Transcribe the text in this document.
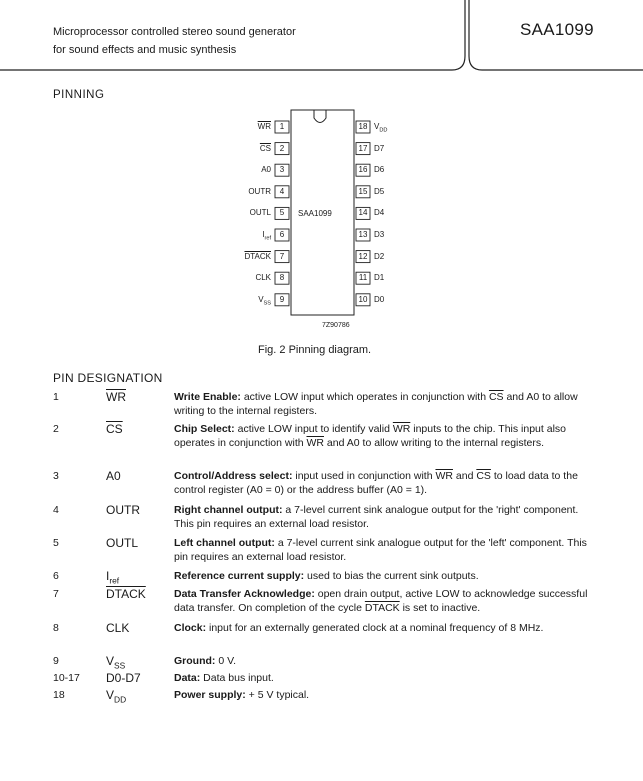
Microprocessor controlled stereo sound generator
for sound effects and music synthesis
SAA1099
PINNING
1
$\overline{WR}$
2
$\overline{CS}$
3
A0
4
OUTR
5
OUTL
6
$I_{ref}$
7
DTACK
8
CLK
9
$V_{SS}$
18 $V_{DD}$
17 D7
16 D6
15 D5
14 D4
13 D3
12 D2
11 D1
10 D0
SAA1099
7Z90786
Fig. 2 Pinning diagram.
PIN DESIGNATION
1	$\overline{WR}$	Write Enable: active LOW input which operates in conjunction with $\overline{CS}$ and A0 to allow writing to the internal registers.
2	$\overline{CS}$	Chip Select: active LOW input to identify valid $\overline{WR}$ inputs to the chip. This input also operates in conjunction with $\overline{WR}$ and A0 to allow writing to the internal registers.
3	A0	Control/Address select: input used in conjunction with $\overline{WR}$ and $\overline{CS}$ to load data to the control register (A0 = 0) or the address buffer (A0 = 1).
4	OUTR	Right channel output: a 7-level current sink analogue output for the 'right' component. This pin requires an external load resistor.
5	OUTL	Left channel output: a 7-level current sink analogue output for the 'left' component. This pin requires an external load resistor.
6	$I_{ref}$	Reference current supply: used to bias the current sink outputs.
7	DTACK	Data Transfer Acknowledge: open drain output, active LOW to acknowledge successful data transfer. On completion of the cycle DTACK is set to inactive.
8	CLK	Clock: input for an externally generated clock at a nominal frequency of 8 MHz.
9	$V_{SS}$	Ground: 0 V.
10-17 D0-D7	Data: Data bus input.
18	$V_{DD}$	Power supply: + 5 V typical.
